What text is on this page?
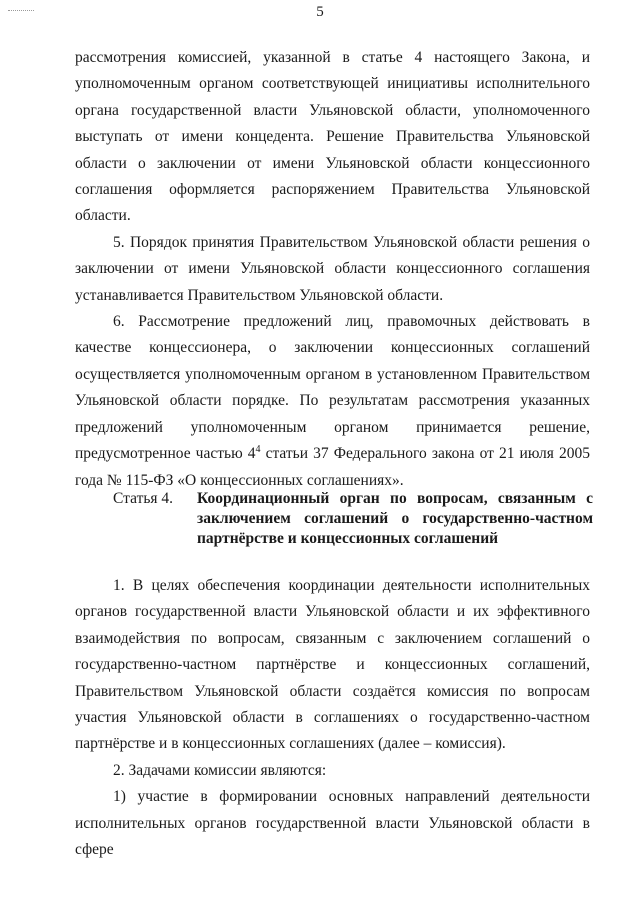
5

рассмотрения комиссией, указанной в статье 4 настоящего Закона, и уполномоченным органом соответствующей инициативы исполнительного органа государственной власти Ульяновской области, уполномоченного выступать от имени концедента. Решение Правительства Ульяновской области о заключении от имени Ульяновской области концессионного соглашения оформляется распоряжением Правительства Ульяновской области.

5. Порядок принятия Правительством Ульяновской области решения о заключении от имени Ульяновской области концессионного соглашения устанавливается Правительством Ульяновской области.

6. Рассмотрение предложений лиц, правомочных действовать в качестве концессионера, о заключении концессионных соглашений осуществляется уполномоченным органом в установленном Правительством Ульяновской области порядке. По результатам рассмотрения указанных предложений уполномоченным органом принимается решение, предусмотренное частью $4^4$ статьи 37 Федерального закона от 21 июля 2005 года № 115-ФЗ «О концессионных соглашениях».

Статья 4.	Координационный орган по вопросам, связанным с заключением соглашений о государственно-частном партнёрстве и концессионных соглашений

1. В целях обеспечения координации деятельности исполнительных органов государственной власти Ульяновской области и их эффективного взаимодействия по вопросам, связанным с заключением соглашений о государственно-частном партнёрстве и концессионных соглашений, Правительством Ульяновской области создаётся комиссия по вопросам участия Ульяновской области в соглашениях о государственно-частном партнёрстве и в концессионных соглашениях (далее – комиссия).

2. Задачами комиссии являются:

1) участие в формировании основных направлений деятельности исполнительных органов государственной власти Ульяновской области в сфере
